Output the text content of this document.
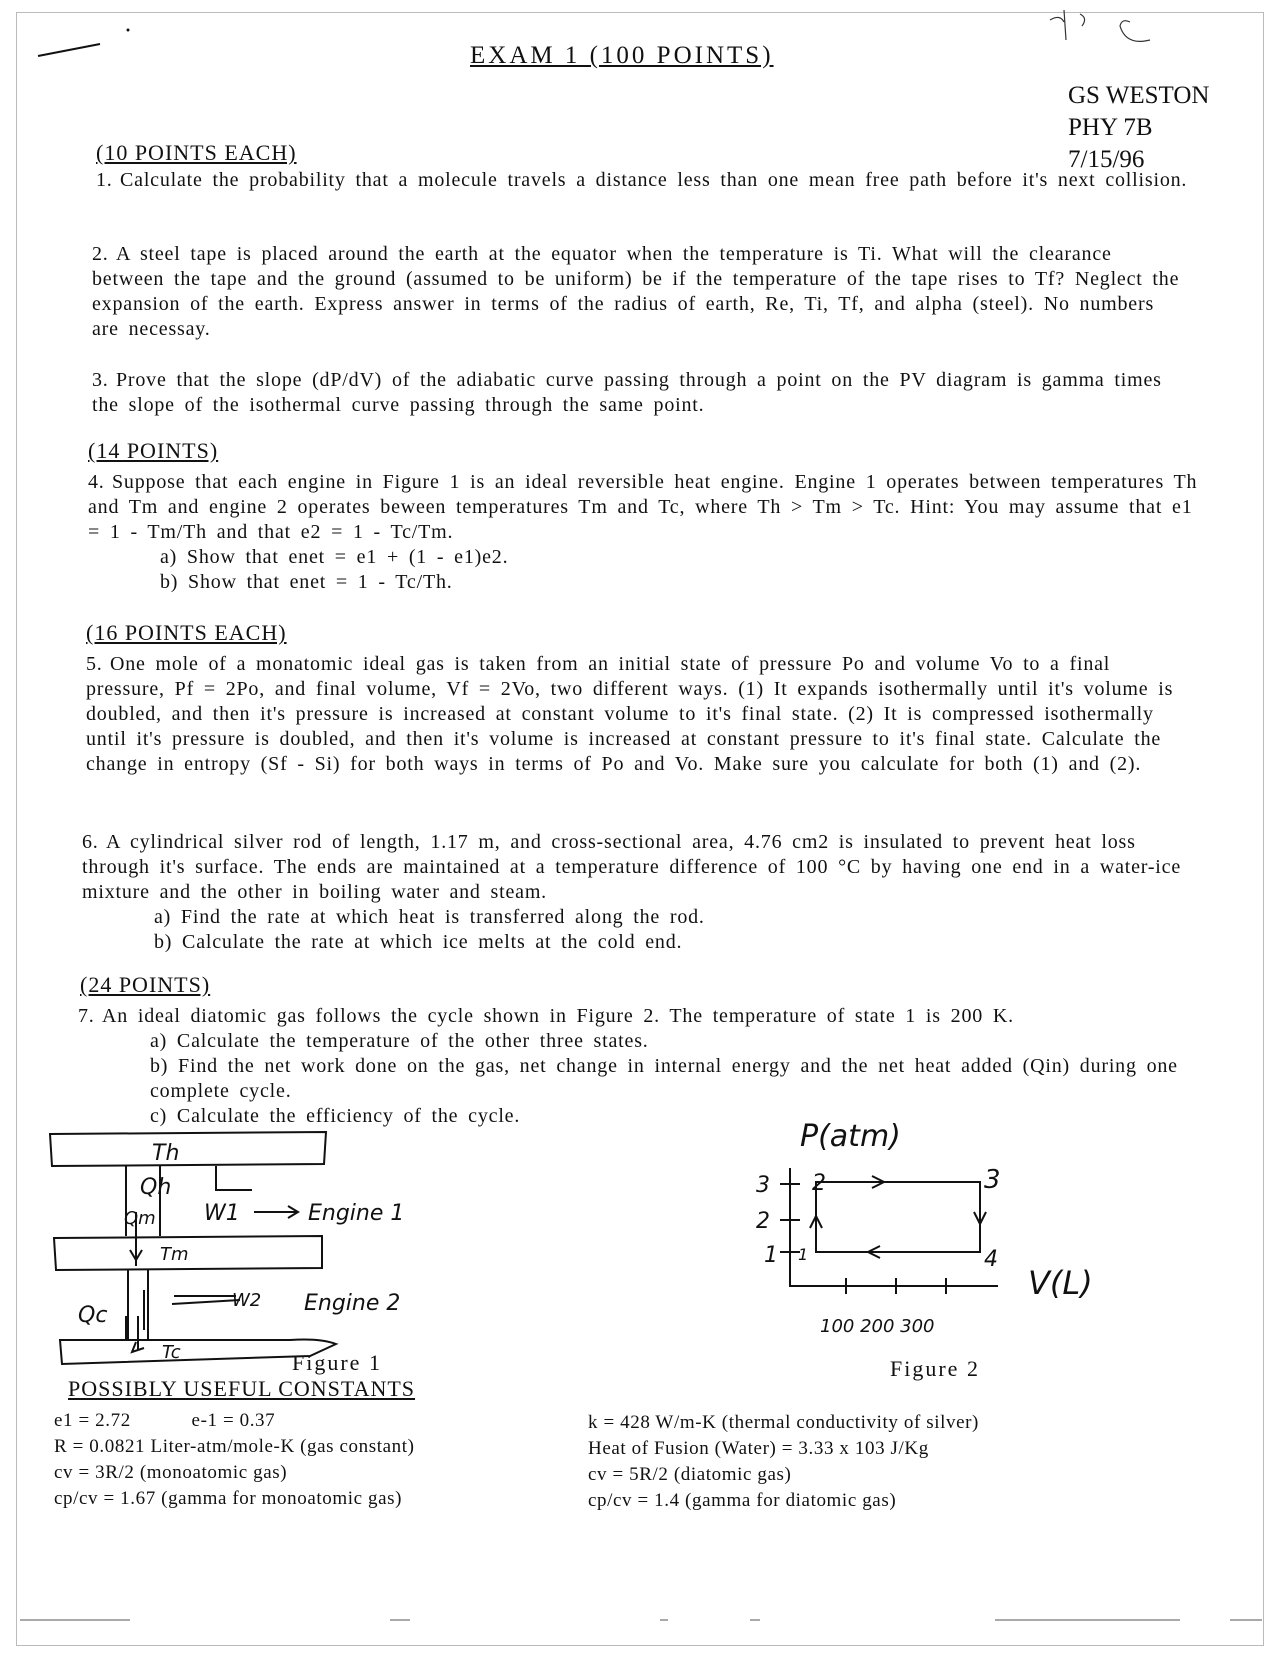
EXAM 1 (100 POINTS)
GS WESTON
PHY 7B
7/15/96
(10 POINTS EACH)

1. Calculate the probability that a molecule travels a distance less than one mean free path before it's next collision.

2. A steel tape is placed around the earth at the equator when the temperature is Ti. What will the clearance between the tape and the ground (assumed to be uniform) be if the temperature of the tape rises to Tf? Neglect the expansion of the earth. Express answer in terms of the radius of earth, Re, Ti, Tf, and alpha (steel). No numbers are necessay.

3. Prove that the slope (dP/dV) of the adiabatic curve passing through a point on the PV diagram is gamma times the slope of the isothermal curve passing through the same point.

(14 POINTS)

4. Suppose that each engine in Figure 1 is an ideal reversible heat engine. Engine 1 operates between temperatures Th and Tm and engine 2 operates beween temperatures Tm and Tc, where Th > Tm > Tc. Hint: You may assume that e1 = 1 - Tm/Th and that e2 = 1 - Tc/Tm.

a) Show that enet = e1 + (1 - e1)e2.

b) Show that enet = 1 - Tc/Th.

(16 POINTS EACH)

5. One mole of a monatomic ideal gas is taken from an initial state of pressure Po and volume Vo to a final pressure, Pf = 2Po, and final volume, Vf = 2Vo, two different ways. (1) It expands isothermally until it's volume is doubled, and then it's pressure is increased at constant volume to it's final state. (2) It is compressed isothermally until it's pressure is doubled, and then it's volume is increased at constant pressure to it's final state. Calculate the change in entropy (Sf - Si) for both ways in terms of Po and Vo. Make sure you calculate for both (1) and (2).

6. A cylindrical silver rod of length, 1.17 m, and cross-sectional area, 4.76 cm2 is insulated to prevent heat loss through it's surface. The ends are maintained at a temperature difference of 100 °C by having one end in a water-ice mixture and the other in boiling water and steam.

a) Find the rate at which heat is transferred along the rod.

b) Calculate the rate at which ice melts at the cold end.

(24 POINTS)

7. An ideal diatomic gas follows the cycle shown in Figure 2. The temperature of state 1 is 200 K.

a) Calculate the temperature of the other three states.

b) Find the net work done on the gas, net change in internal energy and the net heat added (Qin) during one complete cycle.

c) Calculate the efficiency of the cycle.

Th
Qh
Qm W1	Engine 1
Tm
W2 Engine 2
Qc
Tc	Figure 1
P(atm)
3
2
1
2	3
1	4
V(L)
100 200 300
Figure 2
POSSIBLY USEFUL CONSTANTS
e1 = 2.72	e-1 = 0.37
R = 0.0821 Liter-atm/mole-K (gas constant)
cv = 3R/2 (monoatomic gas)
cp/cv = 1.67 (gamma for monoatomic gas)
k = 428 W/m-K (thermal conductivity of silver)
Heat of Fusion (Water) = 3.33 x 103 J/Kg
cv = 5R/2 (diatomic gas)
cp/cv = 1.4 (gamma for diatomic gas)
